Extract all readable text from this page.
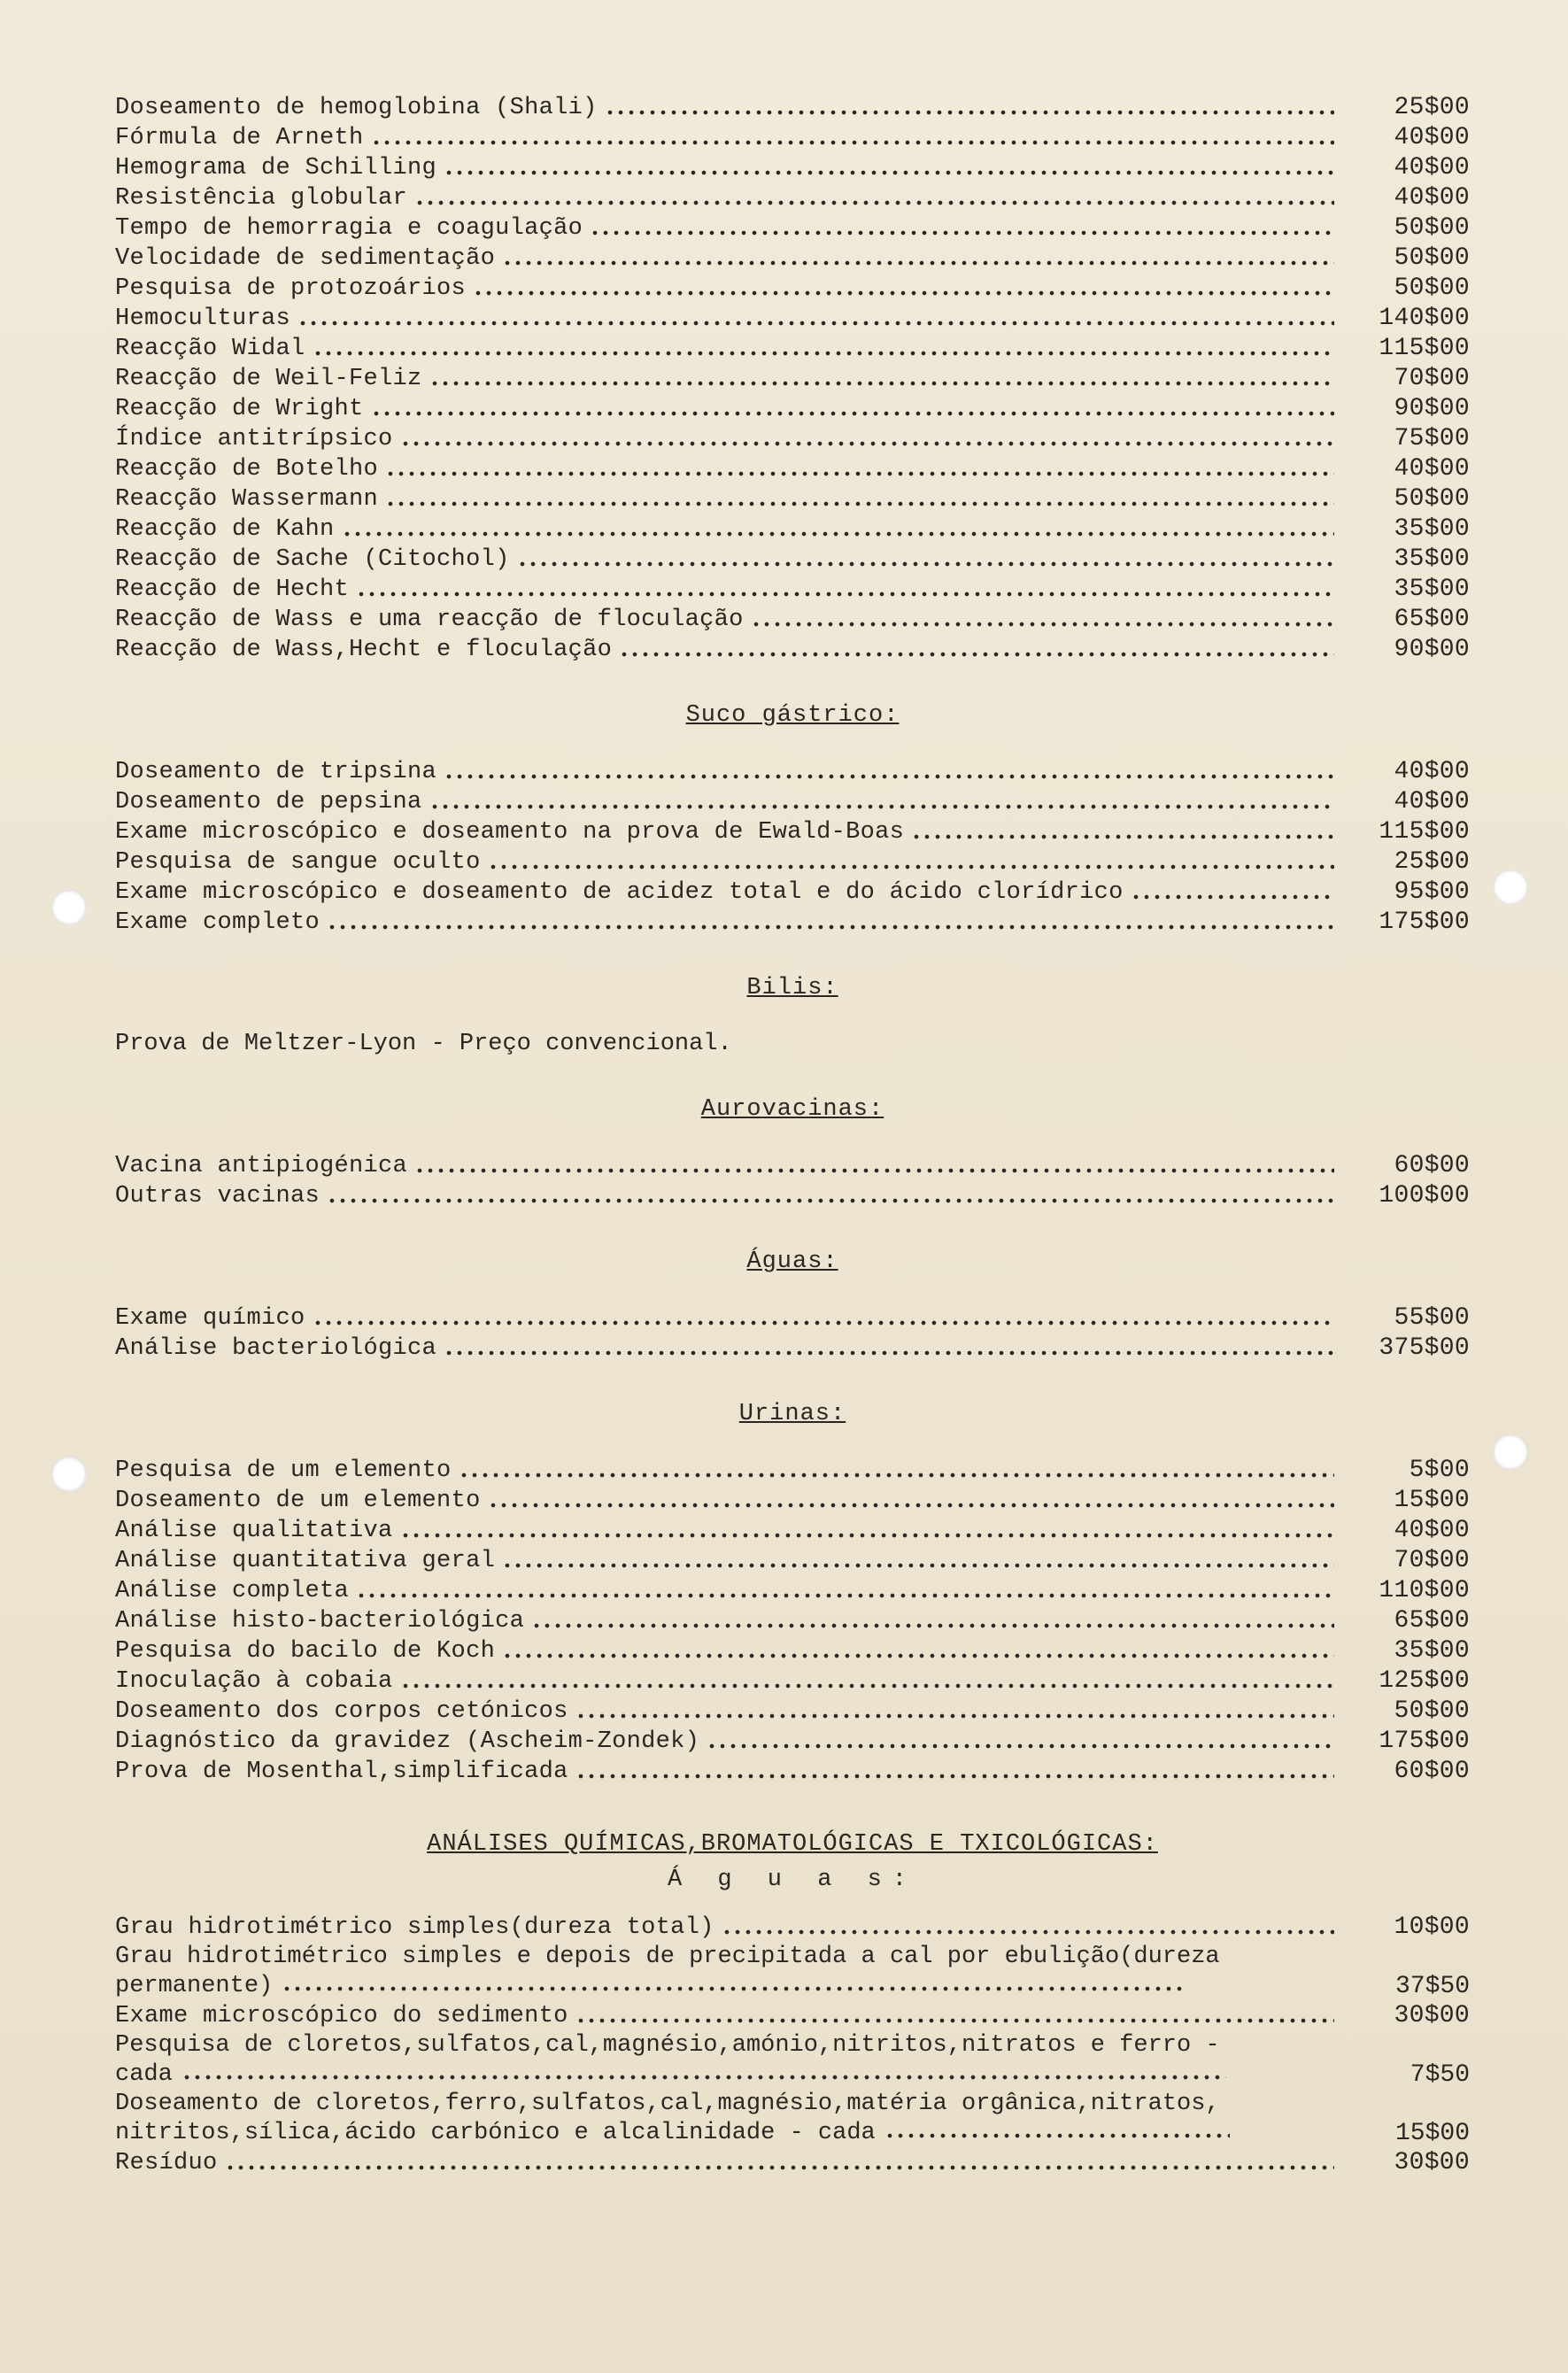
Doseamento de hemoglobina (Shali)	25$00
Fórmula de Arneth	40$00
Hemograma de Schilling	40$00
Resistência globular	40$00
Tempo de hemorragia e coagulação	50$00
Velocidade de sedimentação	50$00
Pesquisa de protozoários	50$00
Hemoculturas	140$00
Reacção Widal	115$00
Reacção de Weil-Feliz	70$00
Reacção de Wright	90$00
Índice antitrípsico	75$00
Reacção de Botelho	40$00
Reacção Wassermann	50$00
Reacção de Kahn	35$00
Reacção de Sache (Citochol)	35$00
Reacção de Hecht	35$00
Reacção de Wass e uma reacção de floculação	65$00
Reacção de Wass,Hecht e floculação	90$00
Suco gástrico:
Doseamento de tripsina	40$00
Doseamento de pepsina	40$00
Exame microscópico e doseamento na prova de Ewald-Boas	115$00
Pesquisa de sangue oculto	25$00
Exame microscópico e doseamento de acidez total e do ácido clorídrico	95$00
Exame completo	175$00
Bilis:
Prova de Meltzer-Lyon - Preço convencional.
Aurovacinas:
Vacina antipiogénica	60$00
Outras vacinas	100$00
Águas:
Exame químico	55$00
Análise bacteriológica	375$00
Urinas:
Pesquisa de um elemento	5$00
Doseamento de um elemento	15$00
Análise qualitativa	40$00
Análise quantitativa geral	70$00
Análise completa	110$00
Análise histo-bacteriológica	65$00
Pesquisa do bacilo de Koch	35$00
Inoculação à cobaia	125$00
Doseamento dos corpos cetónicos	50$00
Diagnóstico da gravidez (Ascheim-Zondek)	175$00
Prova de Mosenthal,simplificada	60$00
ANÁLISES QUÍMICAS,BROMATOLÓGICAS E TXICOLÓGICAS:
Á g u a s:
Grau hidrotimétrico simples(dureza total)	10$00
Grau hidrotimétrico simples e depois de precipitada a cal por ebulição(dureza
permanente)	37$50
Exame microscópico do sedimento	30$00
Pesquisa de cloretos,sulfatos,cal,magnésio,amónio,nitritos,nitratos e ferro -
cada	7$50
Doseamento de cloretos,ferro,sulfatos,cal,magnésio,matéria orgânica,nitratos,
nitritos,sílica,ácido carbónico e alcalinidade - cada	15$00
Resíduo	30$00
